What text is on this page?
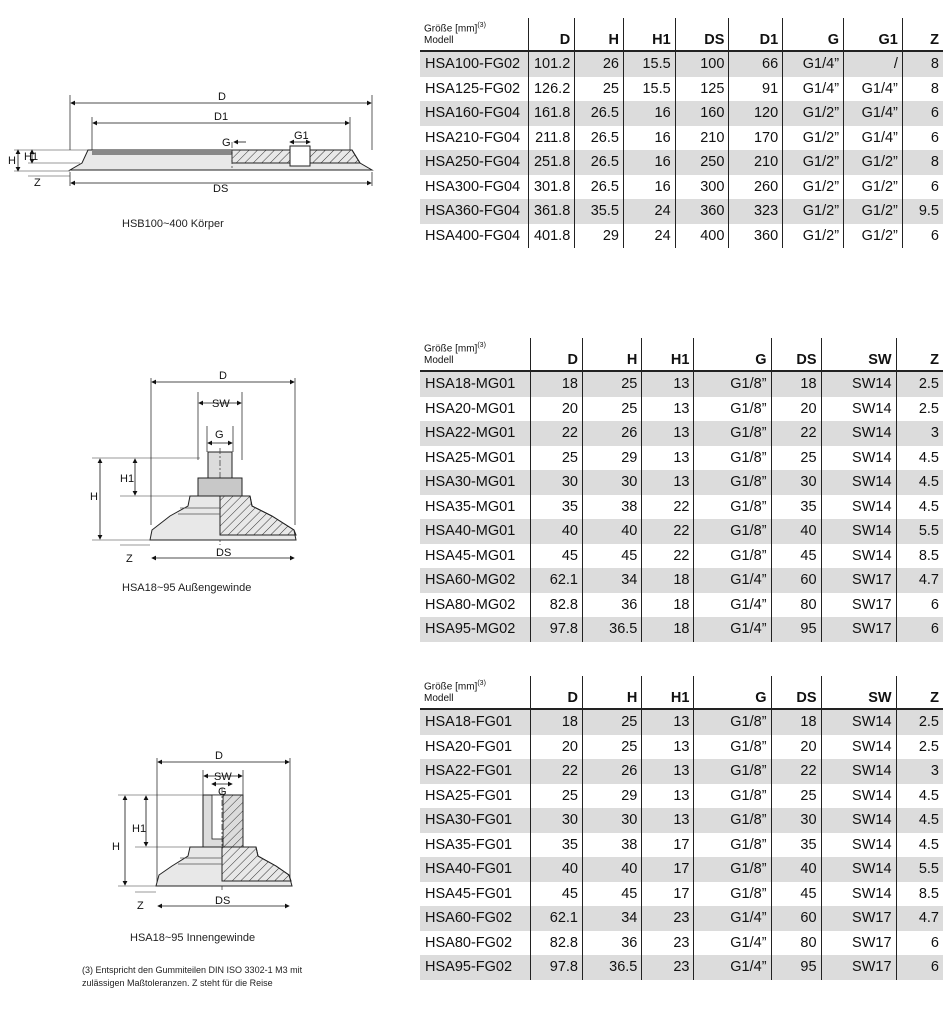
D
D1
G
G1
H H1
Z	DS
HSB100~400 Körper
D
SW
G
H
H1
Z	DS
HSA18~95 Außengewinde
D
SW
G
H
H1
Z	DS
HSA18~95 Innengewinde
(3) Entspricht den Gummiteilen DIN ISO 3302-1 M3 mit
zulässigen Maßtoleranzen. Z steht für die Reise
Größe [mm]$^{(3)}$
Modell	D	H	H1	DS	D1	G	G1	Z
HSA100-FG02	101.2	26	15.5	100	66	G1/4”	/	8
HSA125-FG02	126.2	25	15.5	125	91	G1/4”	G1/4”	8
HSA160-FG04	161.8	26.5	16	160	120	G1/2”	G1/4”	6
HSA210-FG04	211.8	26.5	16	210	170	G1/2”	G1/4”	6
HSA250-FG04	251.8	26.5	16	250	210	G1/2”	G1/2”	8
HSA300-FG04	301.8	26.5	16	300	260	G1/2”	G1/2”	6
HSA360-FG04	361.8	35.5	24	360	323	G1/2”	G1/2”	9.5
HSA400-FG04	401.8	29	24	400	360	G1/2”	G1/2”	6
Größe [mm]$^{(3)}$
Modell	D	H	H1	G	DS	SW	Z
HSA18-MG01	18	25	13	G1/8”	18	SW14	2.5
HSA20-MG01	20	25	13	G1/8”	20	SW14	2.5
HSA22-MG01	22	26	13	G1/8”	22	SW14	3
HSA25-MG01	25	29	13	G1/8”	25	SW14	4.5
HSA30-MG01	30	30	13	G1/8”	30	SW14	4.5
HSA35-MG01	35	38	22	G1/8”	35	SW14	4.5
HSA40-MG01	40	40	22	G1/8”	40	SW14	5.5
HSA45-MG01	45	45	22	G1/8”	45	SW14	8.5
HSA60-MG02	62.1	34	18	G1/4”	60	SW17	4.7
HSA80-MG02	82.8	36	18	G1/4”	80	SW17	6
HSA95-MG02	97.8	36.5	18	G1/4”	95	SW17	6
Größe [mm]$^{(3)}$
Modell	D	H	H1	G	DS	SW	Z
HSA18-FG01	18	25	13	G1/8”	18	SW14	2.5
HSA20-FG01	20	25	13	G1/8”	20	SW14	2.5
HSA22-FG01	22	26	13	G1/8”	22	SW14	3
HSA25-FG01	25	29	13	G1/8”	25	SW14	4.5
HSA30-FG01	30	30	13	G1/8”	30	SW14	4.5
HSA35-FG01	35	38	17	G1/8”	35	SW14	4.5
HSA40-FG01	40	40	17	G1/8”	40	SW14	5.5
HSA45-FG01	45	45	17	G1/8”	45	SW14	8.5
HSA60-FG02	62.1	34	23	G1/4”	60	SW17	4.7
HSA80-FG02	82.8	36	23	G1/4”	80	SW17	6
HSA95-FG02	97.8	36.5	23	G1/4”	95	SW17	6
